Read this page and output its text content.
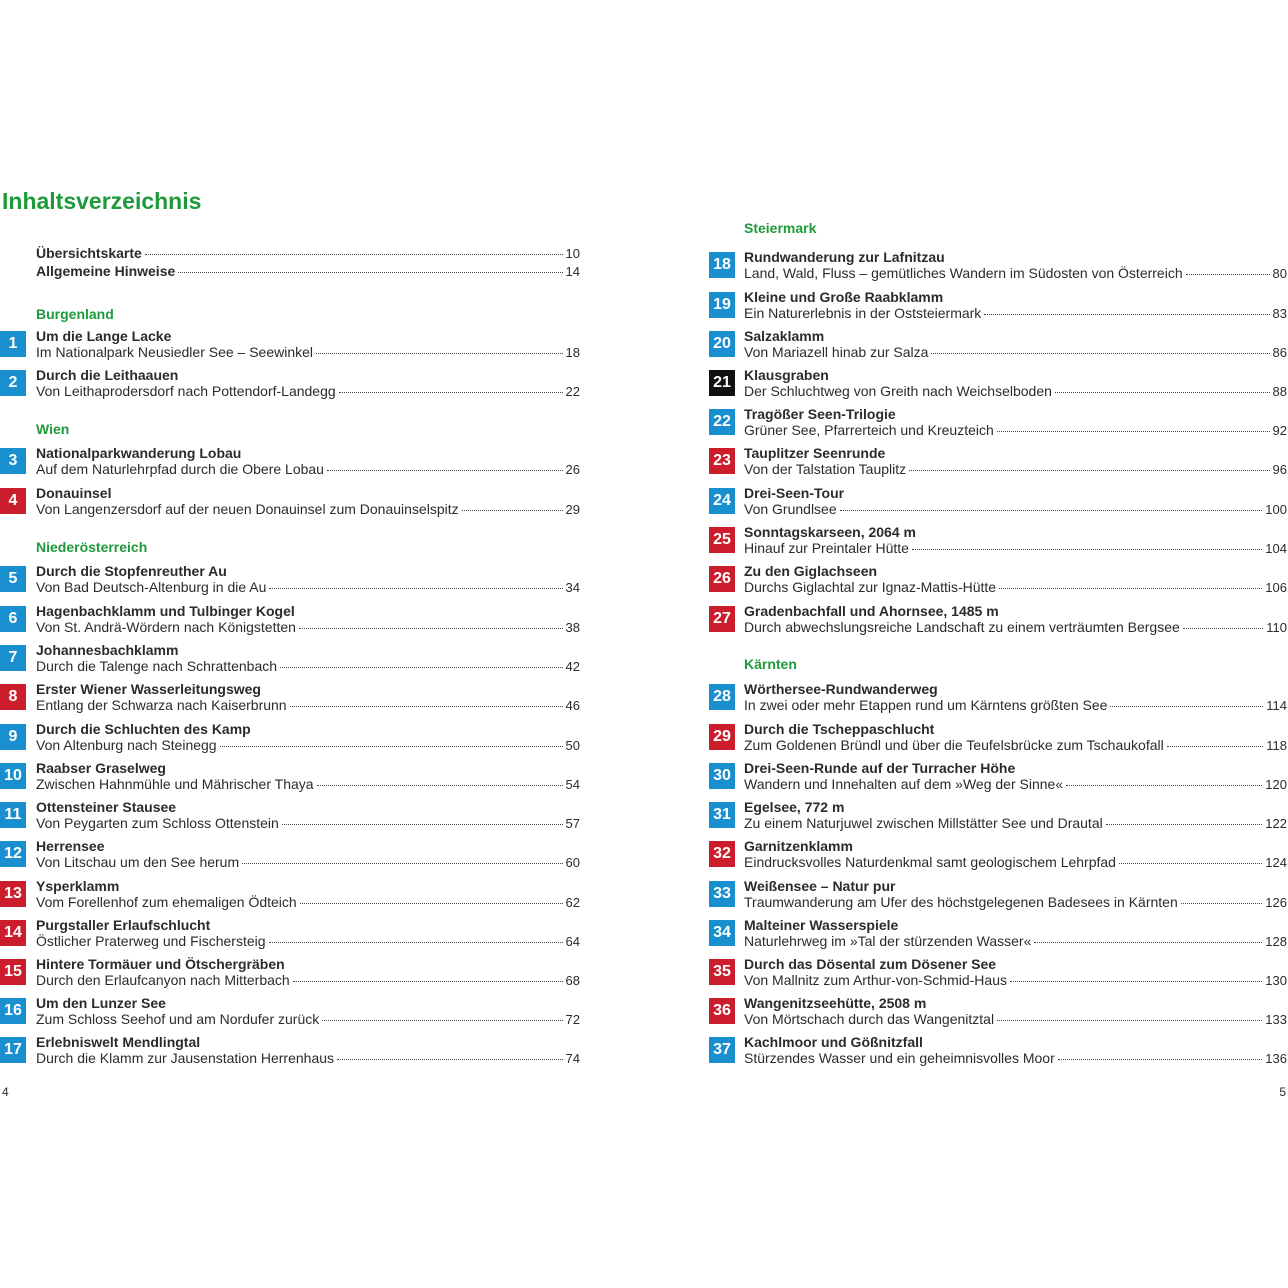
Inhaltsverzeichnis
Übersichtskarte	10
Allgemeine Hinweise	14
Burgenland
Wien
Niederösterreich
Steiermark
Kärnten
1	Um die Lange Lacke
Im Nationalpark Neusiedler See – Seewinkel	18
2	Durch die Leithaauen
Von Leithaprodersdorf nach Pottendorf-Landegg	22
3	Nationalparkwanderung Lobau
Auf dem Naturlehrpfad durch die Obere Lobau	26
4	Donauinsel
Von Langenzersdorf auf der neuen Donauinsel zum Donauinselspitz	29
5	Durch die Stopfenreuther Au
Von Bad Deutsch-Altenburg in die Au	34
6	Hagenbachklamm und Tulbinger Kogel
Von St. Andrä-Wördern nach Königstetten	38
7	Johannesbachklamm
Durch die Talenge nach Schrattenbach	42
8	Erster Wiener Wasserleitungsweg
Entlang der Schwarza nach Kaiserbrunn	46
9	Durch die Schluchten des Kamp
Von Altenburg nach Steinegg	50
10 Raabser Graselweg
Zwischen Hahnmühle und Mährischer Thaya	54
11	Ottensteiner Stausee
Von Peygarten zum Schloss Ottenstein	57
12 Herrensee
Von Litschau um den See herum	60
13 Ysperklamm
Vom Forellenhof zum ehemaligen Ödteich	62
14 Purgstaller Erlaufschlucht
Östlicher Praterweg und Fischersteig	64
15 Hintere Tormäuer und Ötschergräben
Durch den Erlaufcanyon nach Mitterbach	68
16 Um den Lunzer See
Zum Schloss Seehof und am Nordufer zurück	72
17 Erlebniswelt Mendlingtal
Durch die Klamm zur Jausenstation Herrenhaus	74
18 Rundwanderung zur Lafnitzau
Land, Wald, Fluss – gemütliches Wandern im Südosten von Österreich	80
19 Kleine und Große Raabklamm
Ein Naturerlebnis in der Oststeiermark	83
20 Salzaklamm
Von Mariazell hinab zur Salza	86
21 Klausgraben
Der Schluchtweg von Greith nach Weichselboden	88
22 Tragößer Seen-Trilogie
Grüner See, Pfarrerteich und Kreuzteich	92
23 Tauplitzer Seenrunde
Von der Talstation Tauplitz	96
24 Drei-Seen-Tour
Von Grundlsee	100
25 Sonntagskarseen, 2064 m
Hinauf zur Preintaler Hütte	104
26 Zu den Giglachseen
Durchs Giglachtal zur Ignaz-Mattis-Hütte	106
27 Gradenbachfall und Ahornsee, 1485 m
Durch abwechslungsreiche Landschaft zu einem verträumten Bergsee	110
28 Wörthersee-Rundwanderweg
In zwei oder mehr Etappen rund um Kärntens größten See	114
29 Durch die Tscheppaschlucht
Zum Goldenen Bründl und über die Teufelsbrücke zum Tschaukofall	118
30 Drei-Seen-Runde auf der Turracher Höhe
Wandern und Innehalten auf dem »Weg der Sinne«	120
31 Egelsee, 772 m
Zu einem Naturjuwel zwischen Millstätter See und Drautal	122
32 Garnitzenklamm
Eindrucksvolles Naturdenkmal samt geologischem Lehrpfad	124
33 Weißensee – Natur pur
Traumwanderung am Ufer des höchstgelegenen Badesees in Kärnten	126
34 Malteiner Wasserspiele
Naturlehrweg im »Tal der stürzenden Wasser«	128
35 Durch das Dösental zum Dösener See
Von Mallnitz zum Arthur-von-Schmid-Haus	130
36 Wangenitzseehütte, 2508 m
Von Mörtschach durch das Wangenitztal	133
37 Kachlmoor und Gößnitzfall
Stürzendes Wasser und ein geheimnisvolles Moor	136
4	5
